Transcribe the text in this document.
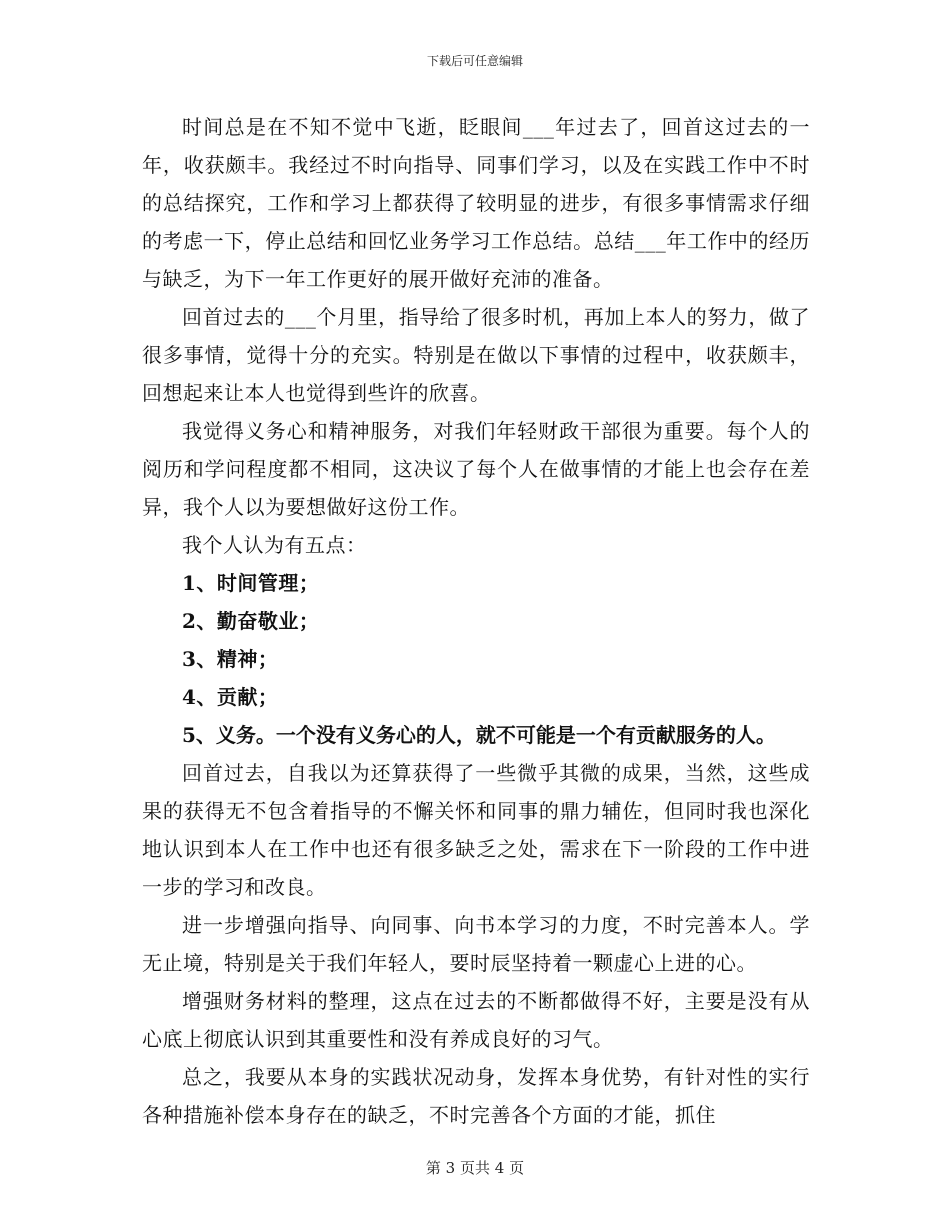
下载后可任意编辑

时间总是在不知不觉中飞逝，眨眼间___年过去了，回首这过去的一年，收获颇丰。我经过不时向指导、同事们学习，以及在实践工作中不时的总结探究，工作和学习上都获得了较明显的进步，有很多事情需求仔细的考虑一下，停止总结和回忆业务学习工作总结。总结___年工作中的经历与缺乏，为下一年工作更好的展开做好充沛的准备。

回首过去的___个月里，指导给了很多时机，再加上本人的努力，做了很多事情，觉得十分的充实。特别是在做以下事情的过程中，收获颇丰，回想起来让本人也觉得到些许的欣喜。

我觉得义务心和精神服务，对我们年轻财政干部很为重要。每个人的阅历和学问程度都不相同，这决议了每个人在做事情的才能上也会存在差异，我个人以为要想做好这份工作。

我个人认为有五点：

1、时间管理；

2、勤奋敬业；

3、精神；

4、贡献；

5、义务。一个没有义务心的人，就不可能是一个有贡献服务的人。

回首过去，自我以为还算获得了一些微乎其微的成果，当然，这些成果的获得无不包含着指导的不懈关怀和同事的鼎力辅佐，但同时我也深化地认识到本人在工作中也还有很多缺乏之处，需求在下一阶段的工作中进一步的学习和改良。

进一步增强向指导、向同事、向书本学习的力度，不时完善本人。学无止境，特别是关于我们年轻人，要时辰坚持着一颗虚心上进的心。

增强财务材料的整理，这点在过去的不断都做得不好，主要是没有从心底上彻底认识到其重要性和没有养成良好的习气。

总之，我要从本身的实践状况动身，发挥本身优势，有针对性的实行各种措施补偿本身存在的缺乏，不时完善各个方面的才能，抓住

第 3 页共 4 页
